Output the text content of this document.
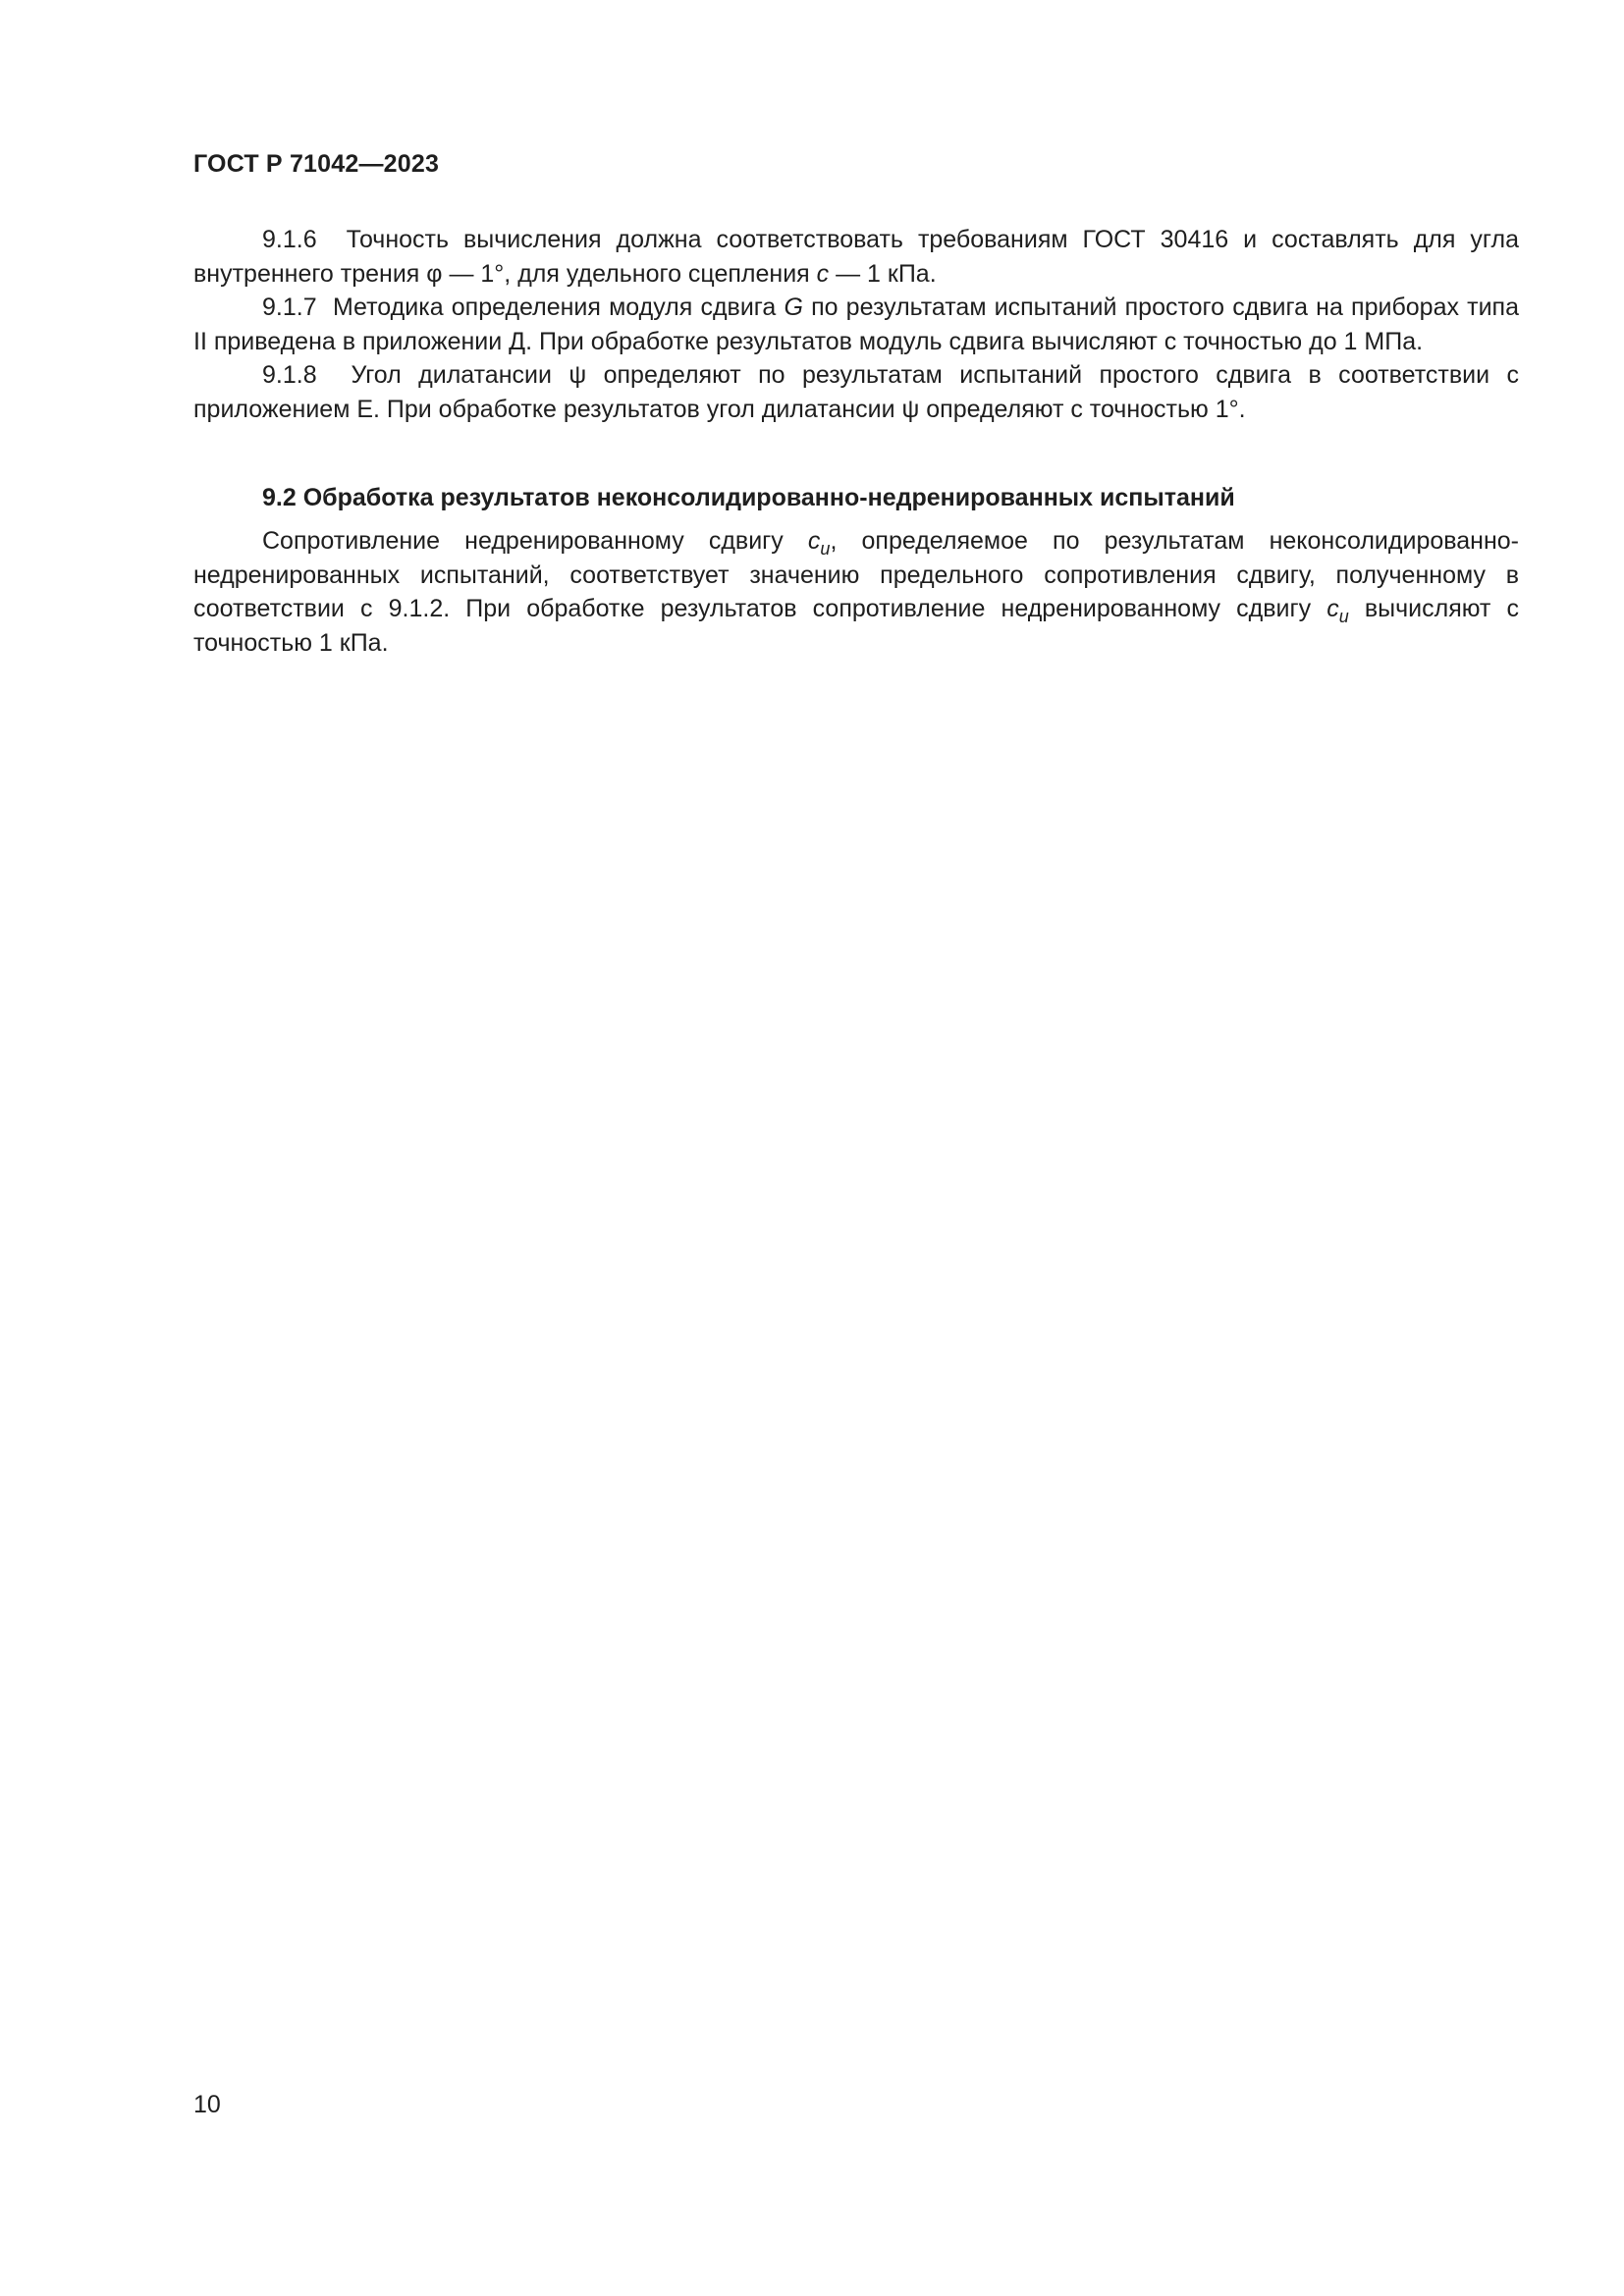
ГОСТ Р 71042—2023

9.1.6 Точность вычисления должна соответствовать требованиям ГОСТ 30416 и составлять для угла внутреннего трения φ — 1°, для удельного сцепления c — 1 кПа.

9.1.7 Методика определения модуля сдвига G по результатам испытаний простого сдвига на приборах типа II приведена в приложении Д. При обработке результатов модуль сдвига вычисляют с точностью до 1 МПа.

9.1.8 Угол дилатансии ψ определяют по результатам испытаний простого сдвига в соответствии с приложением Е. При обработке результатов угол дилатансии ψ определяют с точностью 1°.

9.2 Обработка результатов неконсолидированно-недренированных испытаний

Сопротивление недренированному сдвигу $c_u$, определяемое по результатам неконсолидированно-недренированных испытаний, соответствует значению предельного сопротивления сдвигу, полученному в соответствии с 9.1.2. При обработке результатов сопротивление недренированному сдвигу $c_u$ вычисляют с точностью 1 кПа.

10
